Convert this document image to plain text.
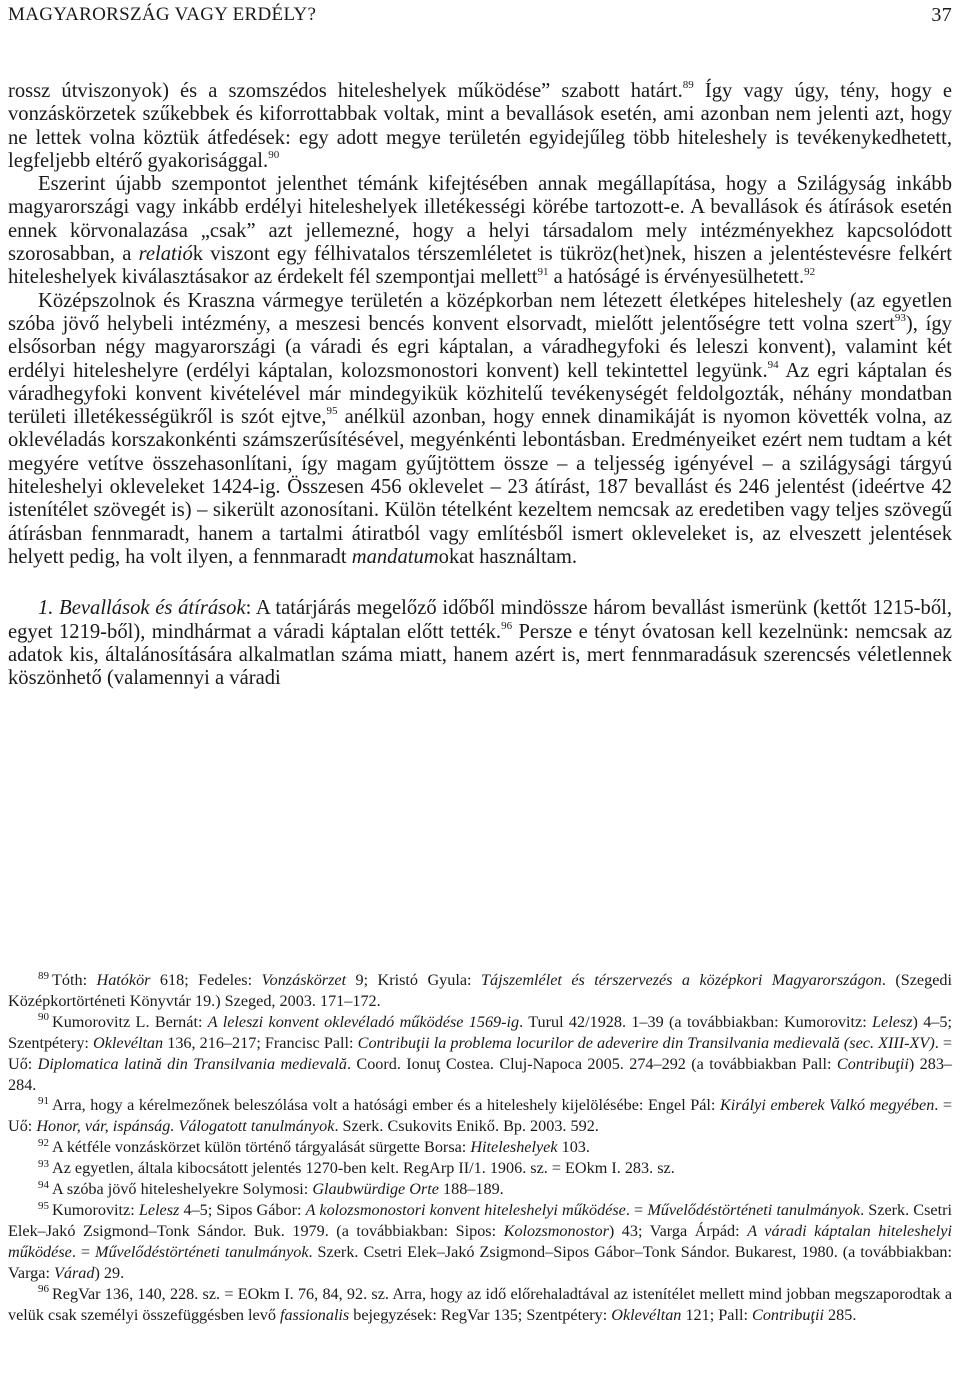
MAGYARORSZÁG VAGY ERDÉLY?	37

rossz útviszonyok) és a szomszédos hiteleshelyek működése” szabott határt.$^{89}$ Így vagy úgy, tény, hogy e vonzáskörzetek szűkebbek és kiforrottabbak voltak, mint a bevallások esetén, ami azonban nem jelenti azt, hogy ne lettek volna köztük átfedések: egy adott megye területén egyidejűleg több hiteleshely is tevékenykedhetett, legfeljebb eltérő gyakorisággal.$^{90}$

Eszerint újabb szempontot jelenthet témánk kifejtésében annak megállapítása, hogy a Szilágyság inkább magyarországi vagy inkább erdélyi hiteleshelyek illetékességi körébe tartozott-e. A bevallások és átírások esetén ennek körvonalazása „csak” azt jellemezné, hogy a helyi társadalom mely intézményekhez kapcsolódott szorosabban, a relatiók viszont egy félhivatalos térszemléletet is tükröz(het)nek, hiszen a jelentéstevésre felkért hiteleshelyek kiválasztásakor az érdekelt fél szempontjai mellett$^{91}$ a hatóságé is érvényesülhetett.$^{92}$

Középszolnok és Kraszna vármegye területén a középkorban nem létezett életképes hiteleshely (az egyetlen szóba jövő helybeli intézmény, a meszesi bencés konvent elsorvadt, mielőtt jelentőségre tett volna szert$^{93}$), így elsősorban négy magyarországi (a váradi és egri káptalan, a váradhegyfoki és leleszi konvent), valamint két erdélyi hiteleshelyre (erdélyi káptalan, kolozsmonostori konvent) kell tekintettel legyünk.$^{94}$ Az egri káptalan és váradhegyfoki konvent kivételével már mindegyikük közhitelű tevékenységét feldolgozták, néhány mondatban területi illetékességükről is szót ejtve,$^{95}$ anélkül azonban, hogy ennek dinamikáját is nyomon követték volna, az oklevéladás korszakonkénti számszerűsítésével, megyénkénti lebontásban. Eredményeiket ezért nem tudtam a két megyére vetítve összehasonlítani, így magam gyűjtöttem össze – a teljesség igényével – a szilágysági tárgyú hiteleshelyi okleveleket 1424-ig. Összesen 456 oklevelet – 23 átírást, 187 bevallást és 246 jelentést (ideértve 42 istenítélet szövegét is) – sikerült azonosítani. Külön tételként kezeltem nemcsak az eredetiben vagy teljes szövegű átírásban fennmaradt, hanem a tartalmi átiratból vagy említésből ismert okleveleket is, az elveszett jelentések helyett pedig, ha volt ilyen, a fennmaradt mandatumokat használtam.

1. Bevallások és átírások: A tatárjárás megelőző időből mindössze három bevallást ismerünk (kettőt 1215-ből, egyet 1219-ből), mindhármat a váradi káptalan előtt tették.$^{96}$ Persze e tényt óvatosan kell kezelnünk: nemcsak az adatok kis, általánosítására alkalmatlan száma miatt, hanem azért is, mert fennmaradásuk szerencsés véletlennek köszönhető (valamennyi a váradi

$^{89}$ Tóth: Hatókör 618; Fedeles: Vonzáskörzet 9; Kristó Gyula: Tájszemlélet és térszervezés a középkori Magyarországon. (Szegedi Középkortörténeti Könyvtár 19.) Szeged, 2003. 171–172.

$^{90}$ Kumorovitz L. Bernát: A leleszi konvent oklevéladó működése 1569-ig. Turul 42/1928. 1–39 (a továbbiakban: Kumorovitz: Lelesz) 4–5; Szentpétery: Oklevéltan 136, 216–217; Francisc Pall: Contribuţii la problema locurilor de adeverire din Transilvania medievală (sec. XIII-XV). = Uő: Diplomatica latină din Transilvania medievală. Coord. Ionuţ Costea. Cluj-Napoca 2005. 274–292 (a továbbiakban Pall: Contribuţii) 283–284.

$^{91}$ Arra, hogy a kérelmezőnek beleszólása volt a hatósági ember és a hiteleshely kijelölésébe: Engel Pál: Királyi emberek Valkó megyében. = Uő: Honor, vár, ispánság. Válogatott tanulmányok. Szerk. Csukovits Enikő. Bp. 2003. 592.

$^{92}$ A kétféle vonzáskörzet külön történő tárgyalását sürgette Borsa: Hiteleshelyek 103.

$^{93}$ Az egyetlen, általa kibocsátott jelentés 1270-ben kelt. RegArp II/1. 1906. sz. = EOkm I. 283. sz.

$^{94}$ A szóba jövő hiteleshelyekre Solymosi: Glaubwürdige Orte 188–189.

$^{95}$ Kumorovitz: Lelesz 4–5; Sipos Gábor: A kolozsmonostori konvent hiteleshelyi működése. = Művelődéstörténeti tanulmányok. Szerk. Csetri Elek–Jakó Zsigmond–Tonk Sándor. Buk. 1979. (a továbbiakban: Sipos: Kolozsmonostor) 43; Varga Árpád: A váradi káptalan hiteleshelyi működése. = Művelődéstörténeti tanulmányok. Szerk. Csetri Elek–Jakó Zsigmond–Sipos Gábor–Tonk Sándor. Bukarest, 1980. (a továbbiakban: Varga: Várad) 29.

$^{96}$ RegVar 136, 140, 228. sz. = EOkm I. 76, 84, 92. sz. Arra, hogy az idő előrehaladtával az istenítélet mellett mind jobban megszaporodtak a velük csak személyi összefüggésben levő fassionalis bejegyzések: RegVar 135; Szentpétery: Oklevéltan 121; Pall: Contribuţii 285.
